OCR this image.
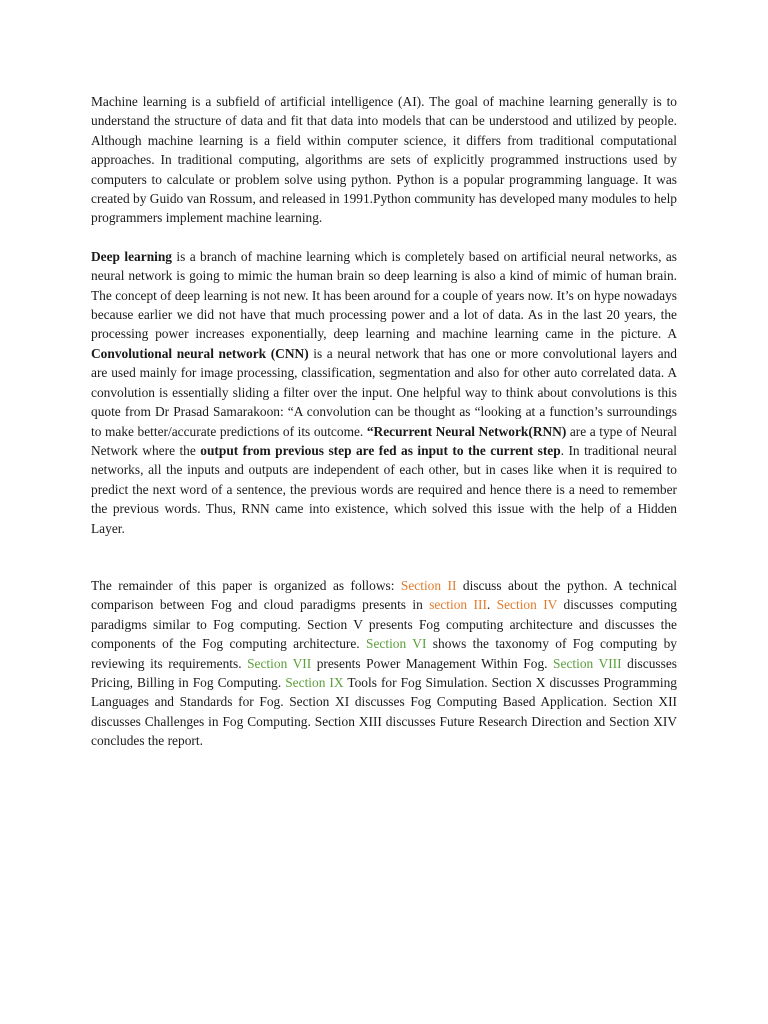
Machine learning is a subfield of artificial intelligence (AI). The goal of machine learning generally is to understand the structure of data and fit that data into models that can be understood and utilized by people. Although machine learning is a field within computer science, it differs from traditional computational approaches. In traditional computing, algorithms are sets of explicitly programmed instructions used by computers to calculate or problem solve using python. Python is a popular programming language. It was created by Guido van Rossum, and released in 1991.Python community has developed many modules to help programmers implement machine learning.

Deep learning is a branch of machine learning which is completely based on artificial neural networks, as neural network is going to mimic the human brain so deep learning is also a kind of mimic of human brain. The concept of deep learning is not new. It has been around for a couple of years now. It’s on hype nowadays because earlier we did not have that much processing power and a lot of data. As in the last 20 years, the processing power increases exponentially, deep learning and machine learning came in the picture. A Convolutional neural network (CNN) is a neural network that has one or more convolutional layers and are used mainly for image processing, classification, segmentation and also for other auto correlated data. A convolution is essentially sliding a filter over the input. One helpful way to think about convolutions is this quote from Dr Prasad Samarakoon: “A convolution can be thought as “looking at a function’s surroundings to make better/accurate predictions of its outcome. “Recurrent Neural Network(RNN) are a type of Neural Network where the output from previous step are fed as input to the current step. In traditional neural networks, all the inputs and outputs are independent of each other, but in cases like when it is required to predict the next word of a sentence, the previous words are required and hence there is a need to remember the previous words. Thus, RNN came into existence, which solved this issue with the help of a Hidden Layer.

The remainder of this paper is organized as follows: Section II discuss about the python. A technical comparison between Fog and cloud paradigms presents in section III. Section IV discusses computing paradigms similar to Fog computing. Section V presents Fog computing architecture and discusses the components of the Fog computing architecture. Section VI shows the taxonomy of Fog computing by reviewing its requirements. Section VII presents Power Management Within Fog. Section VIII discusses Pricing, Billing in Fog Computing. Section IX Tools for Fog Simulation. Section X discusses Programming Languages and Standards for Fog. Section XI discusses Fog Computing Based Application. Section XII discusses Challenges in Fog Computing. Section XIII discusses Future Research Direction and Section XIV concludes the report.
